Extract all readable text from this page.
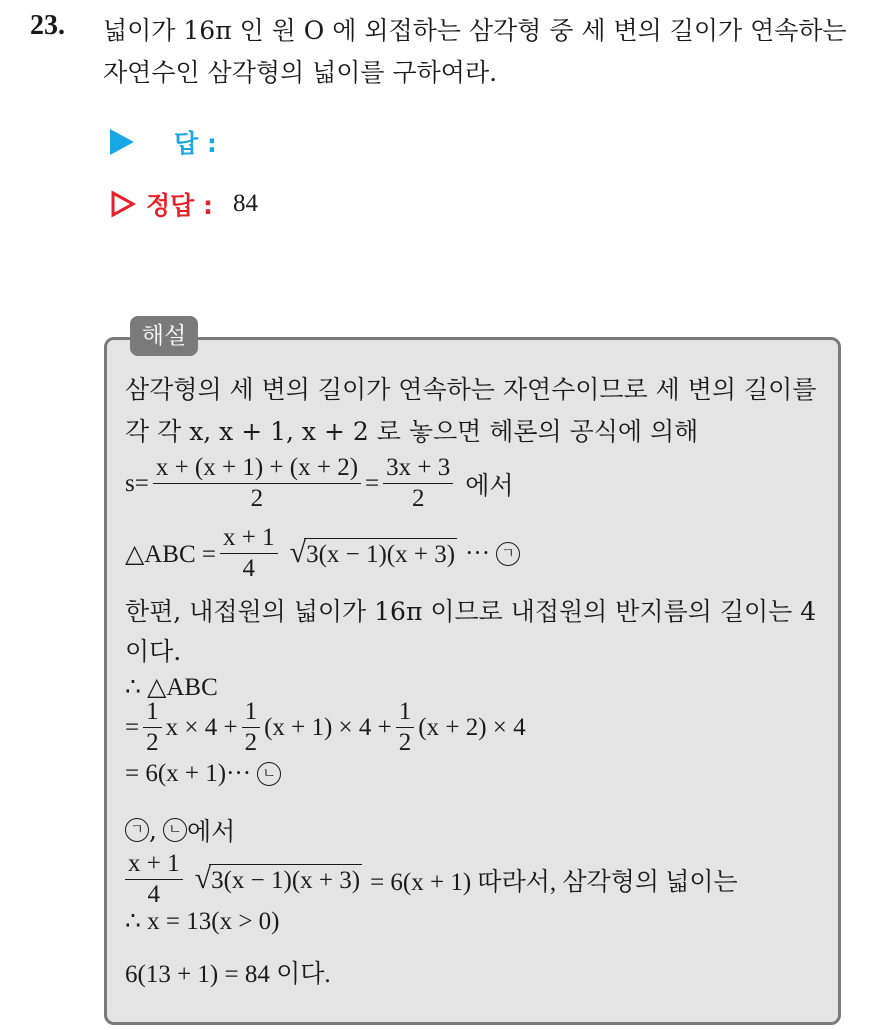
23. 넓이가 16π 인 원 O 에 외접하는 삼각형 중 세 변의 길이가 연속하는
자연수인 삼각형의 넓이를 구하여라.
답 :
정답 : 84
해설
삼각형의 세 변의 길이가 연속하는 자연수이므로 세 변의 길이를
각 각 x, x + 1, x + 2 로 놓으면 헤론의 공식에 의해
$s= \frac{x + (x + 1) + (x + 2)}{2} = \frac{3x + 3}{2}$ 에서
△ABC = $\frac{x + 1}{4}$ √ 3(x − 1)(x + 3) ··· ㄱ
한편, 내접원의 넓이가 16π 이므로 내접원의 반지름의 길이는 4
이다.
∴ △ABC
= $\frac{1}{2}$ $x \times 4 + \frac{1}{2} (x + 1) \times 4 + \frac{1}{2} (x + 2) \times 4$
= 6(x + 1)··· ㄴ
ㄱ , ㄴ 에서
$\frac{x + 1}{4}$ √ 3(x − 1)(x + 3) = 6(x + 1) 따라서, 삼각형의 넓이는
∴ x = 13(x > 0)
6(13 + 1) = 84 이다.
